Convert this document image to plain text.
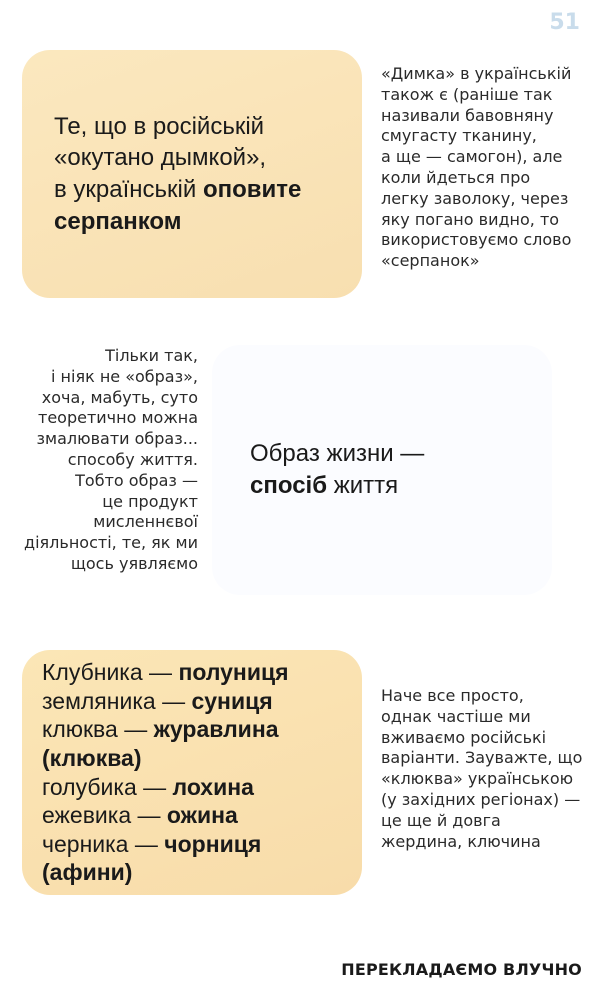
51

Те, що в російській
«окутано дымкой»,
в українській оповите
серпанком

«Димка» в українській
також є (раніше так
називали бавовняну
смугасту тканину,
а ще — самогон), але
коли йдеться про
легку заволоку, через
яку погано видно, то
використовуємо слово
«серпанок»
Тільки так,
і ніяк не «образ»,
хоча, мабуть, суто
теоретично можна
змалювати образ...
способу життя.
Тобто образ —
це продукт
мисленнєвої
діяльності, те, як ми
щось уявляємо

Образ жизни —
спосіб життя

Клубника — полуниця
земляника — суниця
клюква — журавлина
(клюква)
голубика — лохина
ежевика — ожина
черника — чорниця
(афини)

Наче все просто,
однак частіше ми
вживаємо російські
варіанти. Зауважте, що
«клюква» українською
(у західних регіонах) —
це ще й довга
жердина, ключина
ПЕРЕКЛАДАЄМО ВЛУЧНО
